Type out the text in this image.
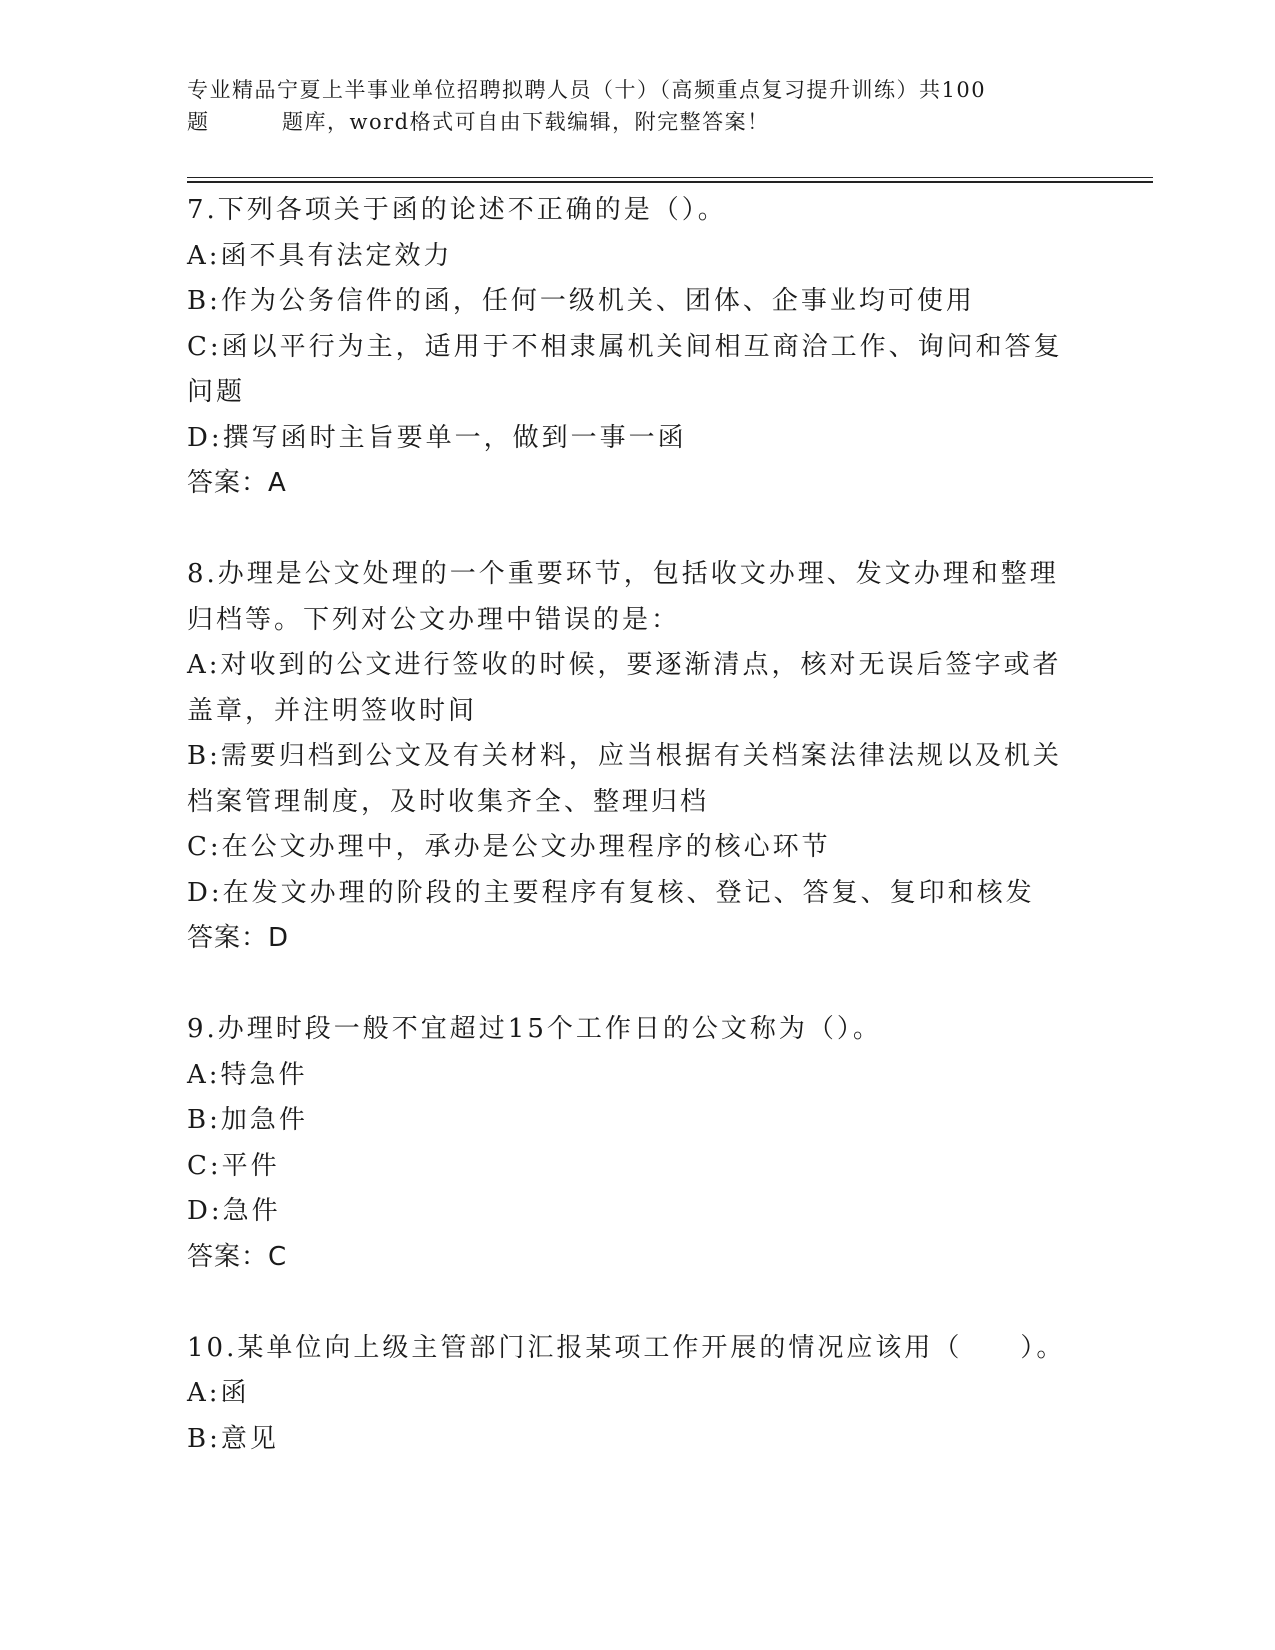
专业精品宁夏上半事业单位招聘拟聘人员（十）（高频重点复习提升训练）共100
题	题库，word格式可自由下载编辑，附完整答案！
7.下列各项关于函的论述不正确的是（）。
A:函不具有法定效力
B:作为公务信件的函，任何一级机关、团体、企事业均可使用
C:函以平行为主，适用于不相隶属机关间相互商洽工作、询问和答复
问题
D:撰写函时主旨要单一，做到一事一函
答案：A
8.办理是公文处理的一个重要环节，包括收文办理、发文办理和整理
归档等。下列对公文办理中错误的是：
A:对收到的公文进行签收的时候，要逐渐清点，核对无误后签字或者
盖章，并注明签收时间
B:需要归档到公文及有关材料，应当根据有关档案法律法规以及机关
档案管理制度，及时收集齐全、整理归档
C:在公文办理中，承办是公文办理程序的核心环节
D:在发文办理的阶段的主要程序有复核、登记、答复、复印和核发
答案：D
9.办理时段一般不宜超过15个工作日的公文称为（）。
A:特急件
B:加急件
C:平件
D:急件
答案：C
10.某单位向上级主管部门汇报某项工作开展的情况应该用（　　）。
A:函
B:意见
